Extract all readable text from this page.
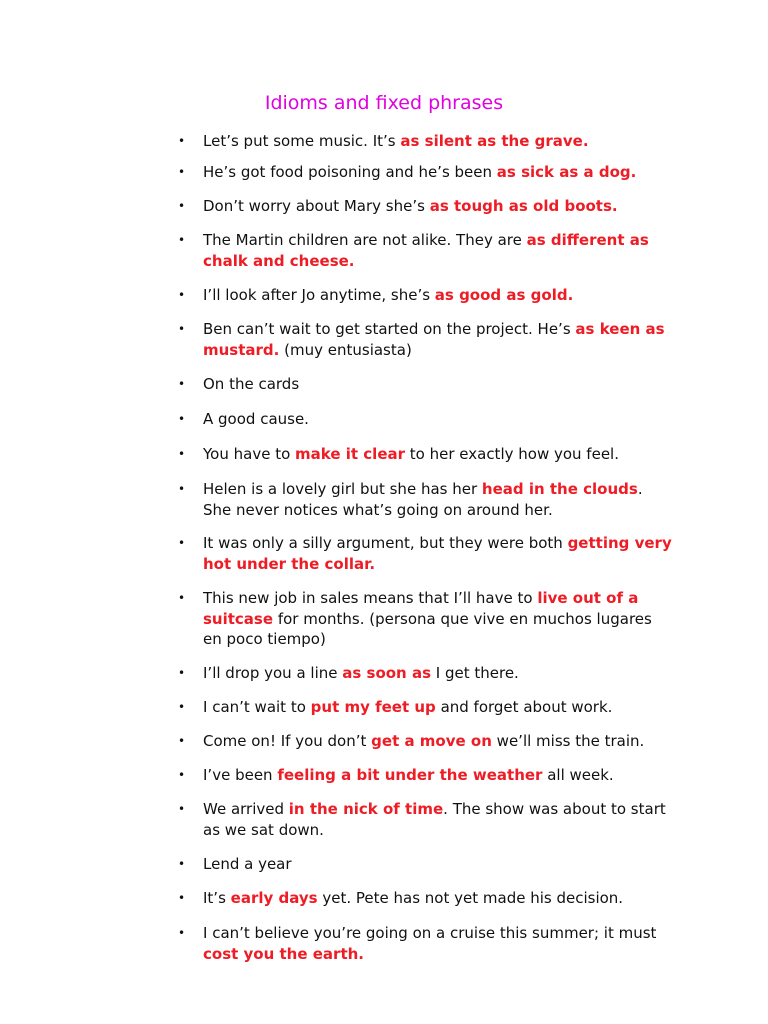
Idioms and fixed phrases
• Let’s put some music. It’s as silent as the grave.
• He’s got food poisoning and he’s been as sick as a dog.
• Don’t worry about Mary she’s as tough as old boots.
• The Martin children are not alike. They are as different as chalk and cheese.
• I’ll look after Jo anytime, she’s as good as gold.
• Ben can’t wait to get started on the project. He’s as keen as mustard. (muy entusiasta)
• On the cards
• A good cause.
• You have to make it clear to her exactly how you feel.
• Helen is a lovely girl but she has her head in the clouds. She never notices what’s going on around her.
• It was only a silly argument, but they were both getting very hot under the collar.
• This new job in sales means that I’ll have to live out of a suitcase for months. (persona que vive en muchos lugares en poco tiempo)
• I’ll drop you a line as soon as I get there.
• I can’t wait to put my feet up and forget about work.
• Come on! If you don’t get a move on we’ll miss the train.
• I’ve been feeling a bit under the weather all week.
• We arrived in the nick of time. The show was about to start as we sat down.
• Lend a year
• It’s early days yet. Pete has not yet made his decision.
• I can’t believe you’re going on a cruise this summer; it must cost you the earth.
